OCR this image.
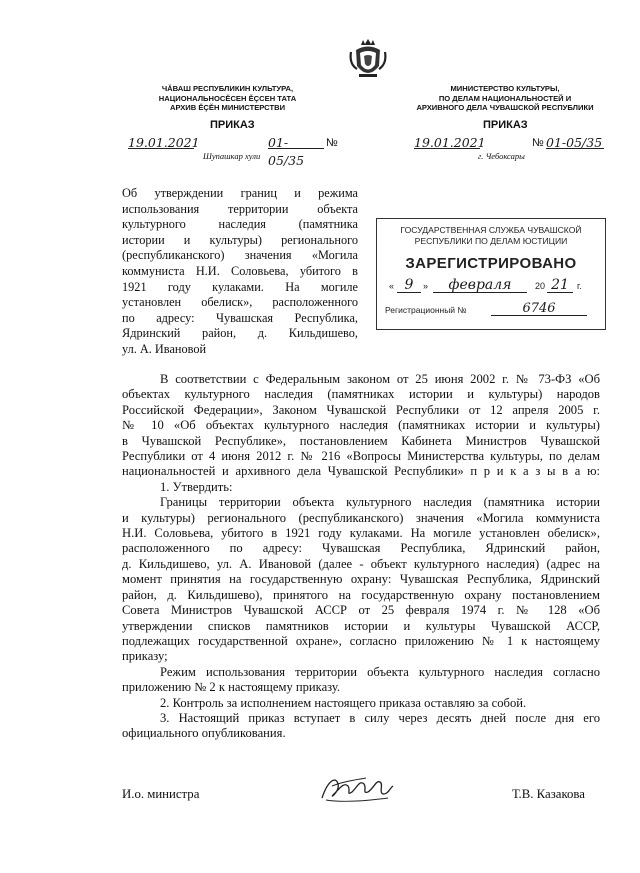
ЧӐВАШ РЕСПУБЛИКИН КУЛЬТУРА,
НАЦИОНАЛЬНОСĔСЕН ĔÇСЕН ТАТА
АРХИВ ĔÇĔН МИНИСТЕРСТВИ
МИНИСТЕРСТВО КУЛЬТУРЫ,
ПО ДЕЛАМ НАЦИОНАЛЬНОСТЕЙ И
АРХИВНОГО ДЕЛА ЧУВАШСКОЙ РЕСПУБЛИКИ
ПРИКАЗ	ПРИКАЗ
19.01.2021	01-05/35
№
Шупашкар хули
19.01.2021	№ 01-05/35
г. Чебоксары
Об утверждении границ и режима
использования территории объекта
культурного наследия (памятника
истории и культуры) регионального
(республиканского) значения «Могила
коммуниста Н.И. Соловьева, убитого в
1921 году кулаками. На могиле
установлен обелиск», расположенного
по адресу: Чувашская Республика,
Ядринский район, д. Кильдишево,
ул. А. Ивановой
ГОСУДАРСТВЕННАЯ СЛУЖБА ЧУВАШСКОЙ
РЕСПУБЛИКИ ПО ДЕЛАМ ЮСТИЦИИ
ЗАРЕГИСТРИРОВАНО
« 9	»	февраля	20 21 г.
Регистрационный №	6746
В соответствии с Федеральным законом от 25 июня 2002 г. № 73-ФЗ «Об
объектах культурного наследия (памятниках истории и культуры) народов
Российской Федерации», Законом Чувашской Республики от 12 апреля 2005 г.
№ 10 «Об объектах культурного наследия (памятниках истории и культуры)
в Чувашской Республике», постановлением Кабинета Министров Чувашской
Республики от 4 июня 2012 г. № 216 «Вопросы Министерства культуры, по делам
национальностей и архивного дела Чувашской Республики» п р и к а з ы в а ю:
1. Утвердить:
Границы территории объекта культурного наследия (памятника истории
и культуры) регионального (республиканского) значения «Могила коммуниста
Н.И. Соловьева, убитого в 1921 году кулаками. На могиле установлен обелиск»,
расположенного по адресу: Чувашская Республика, Ядринский район,
д. Кильдишево, ул. А. Ивановой (далее - объект культурного наследия) (адрес на
момент принятия на государственную охрану: Чувашская Республика, Ядринский
район, д. Кильдишево), принятого на государственную охрану постановлением
Совета Министров Чувашской АССР от 25 февраля 1974 г. № 128 «Об
утверждении списков памятников истории и культуры Чувашской АССР,
подлежащих государственной охране», согласно приложению № 1 к настоящему
приказу;
Режим использования территории объекта культурного наследия согласно
приложению № 2 к настоящему приказу.
2. Контроль за исполнением настоящего приказа оставляю за собой.
3. Настоящий приказ вступает в силу через десять дней после дня его
официального опубликования.
И.о. министра	Т.В. Казакова
